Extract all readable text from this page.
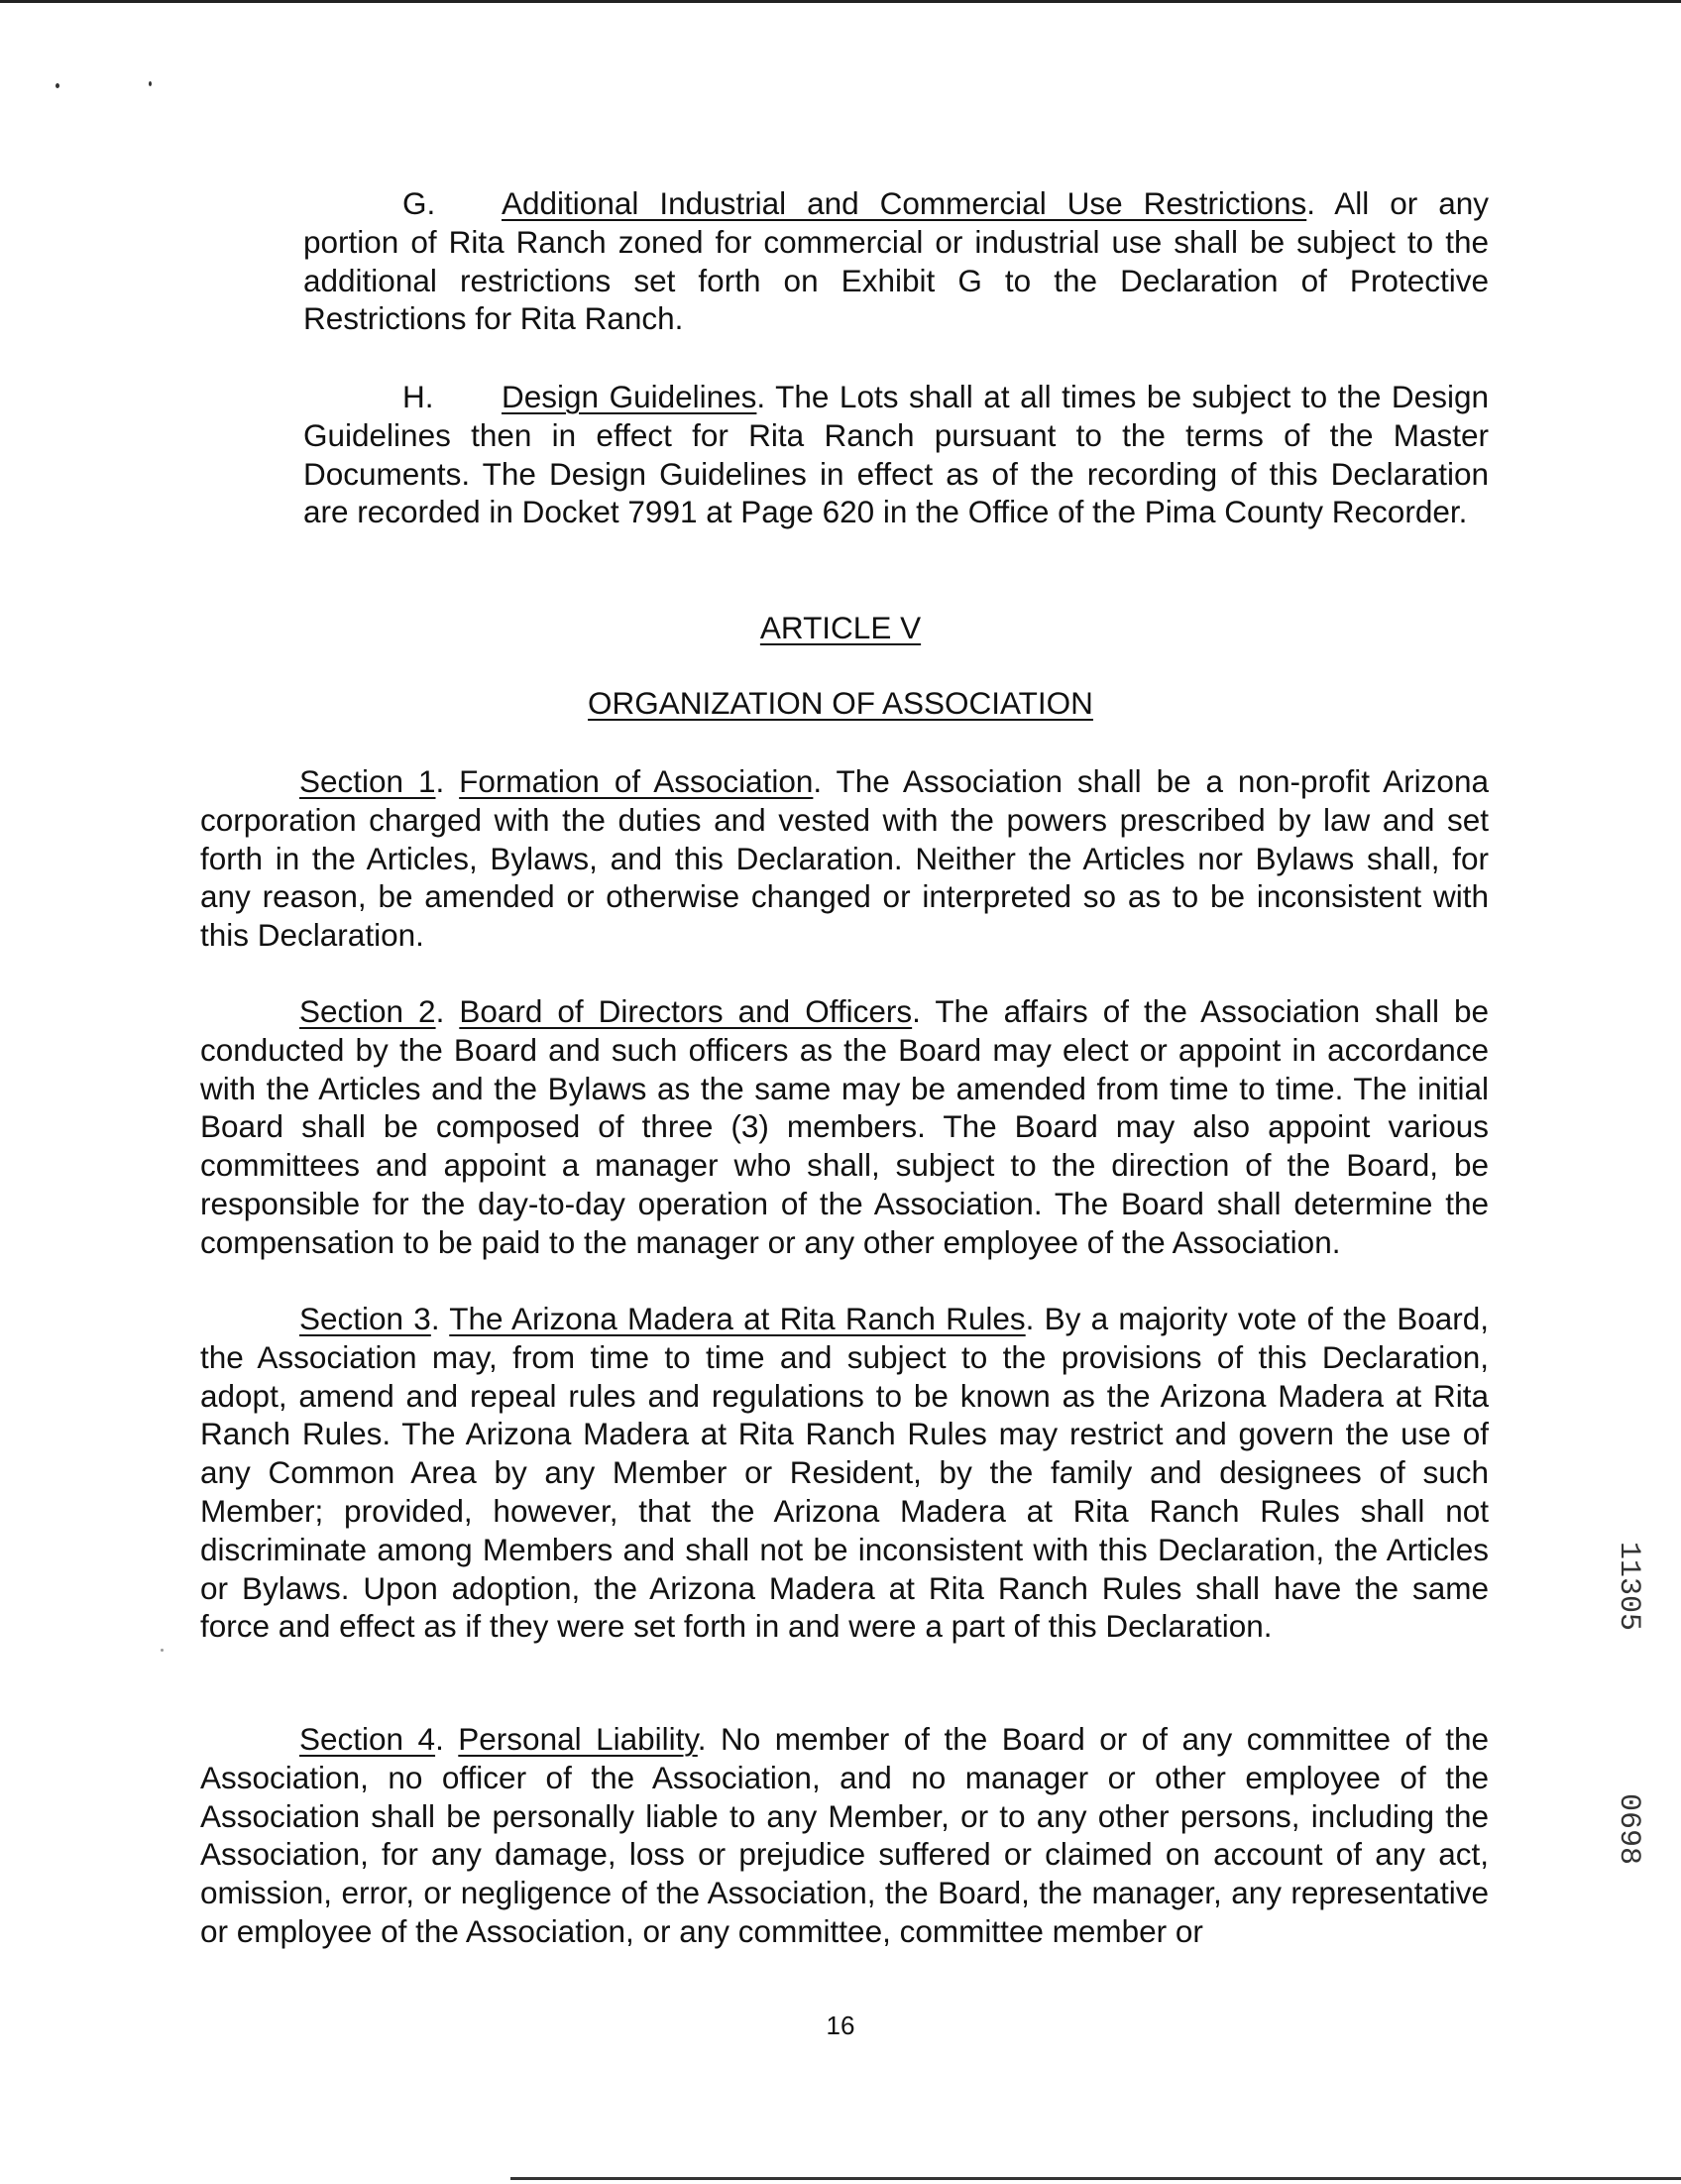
G. Additional Industrial and Commercial Use Restrictions. All or any portion of Rita Ranch zoned for commercial or industrial use shall be subject to the additional restrictions set forth on Exhibit G to the Declaration of Protective Restrictions for Rita Ranch.

H. Design Guidelines. The Lots shall at all times be subject to the Design Guidelines then in effect for Rita Ranch pursuant to the terms of the Master Documents. The Design Guidelines in effect as of the recording of this Declaration are recorded in Docket 7991 at Page 620 in the Office of the Pima County Recorder.

ARTICLE V

ORGANIZATION OF ASSOCIATION

Section 1. Formation of Association. The Association shall be a non-profit Arizona corporation charged with the duties and vested with the powers prescribed by law and set forth in the Articles, Bylaws, and this Declaration. Neither the Articles nor Bylaws shall, for any reason, be amended or otherwise changed or interpreted so as to be inconsistent with this Declaration.

Section 2. Board of Directors and Officers. The affairs of the Association shall be conducted by the Board and such officers as the Board may elect or appoint in accordance with the Articles and the Bylaws as the same may be amended from time to time. The initial Board shall be composed of three (3) members. The Board may also appoint various committees and appoint a manager who shall, subject to the direction of the Board, be responsible for the day-to-day operation of the Association. The Board shall determine the compensation to be paid to the manager or any other employee of the Association.

Section 3. The Arizona Madera at Rita Ranch Rules. By a majority vote of the Board, the Association may, from time to time and subject to the provisions of this Declaration, adopt, amend and repeal rules and regulations to be known as the Arizona Madera at Rita Ranch Rules. The Arizona Madera at Rita Ranch Rules may restrict and govern the use of any Common Area by any Member or Resident, by the family and designees of such Member; provided, however, that the Arizona Madera at Rita Ranch Rules shall not discriminate among Members and shall not be inconsistent with this Declaration, the Articles or Bylaws. Upon adoption, the Arizona Madera at Rita Ranch Rules shall have the same force and effect as if they were set forth in and were a part of this Declaration.

Section 4. Personal Liability. No member of the Board or of any committee of the Association, no officer of the Association, and no manager or other employee of the Association shall be personally liable to any Member, or to any other persons, including the Association, for any damage, loss or prejudice suffered or claimed on account of any act, omission, error, or negligence of the Association, the Board, the manager, any representative or employee of the Association, or any committee, committee member or

16

11305
0698
